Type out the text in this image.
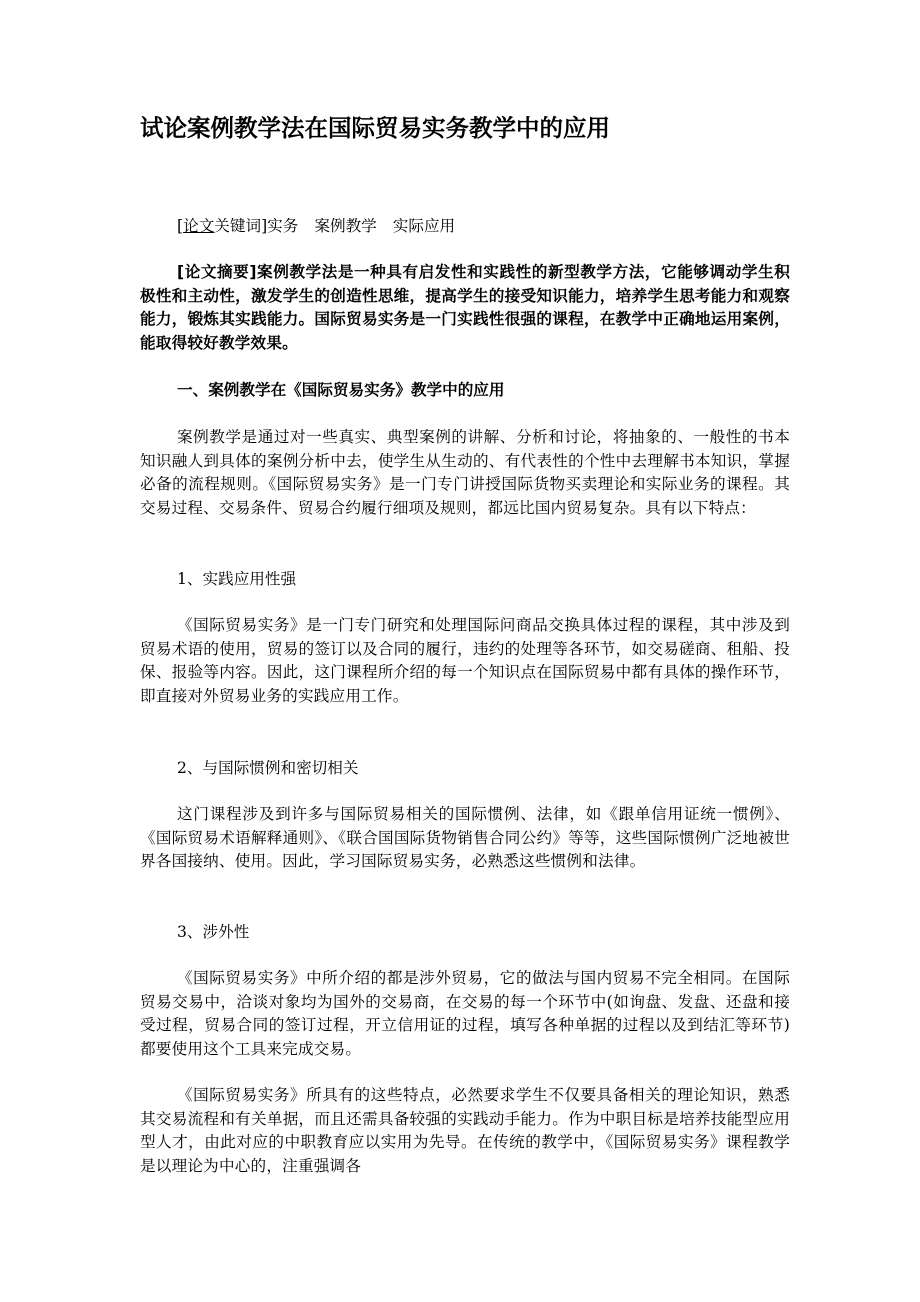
试论案例教学法在国际贸易实务教学中的应用

[论文关键词]实务 案例教学 实际应用

[论文摘要]案例教学法是一种具有启发性和实践性的新型教学方法，它能够调动学生积极性和主动性，激发学生的创造性思维，提高学生的接受知识能力，培养学生思考能力和观察能力，锻炼其实践能力。国际贸易实务是一门实践性很强的课程，在教学中正确地运用案例，能取得较好教学效果。

一、案例教学在《国际贸易实务》教学中的应用

案例教学是通过对一些真实、典型案例的讲解、分析和讨论，将抽象的、一般性的书本知识融人到具体的案例分析中去，使学生从生动的、有代表性的个性中去理解书本知识，掌握必备的流程规则。《国际贸易实务》是一门专门讲授国际货物买卖理论和实际业务的课程。其交易过程、交易条件、贸易合约履行细项及规则，都远比国内贸易复杂。具有以下特点：

1、实践应用性强

《国际贸易实务》是一门专门研究和处理国际问商品交换具体过程的课程，其中涉及到贸易术语的使用，贸易的签订以及合同的履行，违约的处理等各环节，如交易磋商、租船、投保、报验等内容。因此，这门课程所介绍的每一个知识点在国际贸易中都有具体的操作环节，即直接对外贸易业务的实践应用工作。

2、与国际惯例和密切相关

这门课程涉及到许多与国际贸易相关的国际惯例、法律，如《跟单信用证统一惯例》、《国际贸易术语解释通则》、《联合国国际货物销售合同公约》等等，这些国际惯例广泛地被世界各国接纳、使用。因此，学习国际贸易实务，必熟悉这些惯例和法律。

3、涉外性

《国际贸易实务》中所介绍的都是涉外贸易，它的做法与国内贸易不完全相同。在国际贸易交易中，洽谈对象均为国外的交易商，在交易的每一个环节中(如询盘、发盘、还盘和接受过程，贸易合同的签订过程，开立信用证的过程，填写各种单据的过程以及到结汇等环节)都要使用这个工具来完成交易。

《国际贸易实务》所具有的这些特点，必然要求学生不仅要具备相关的理论知识，熟悉其交易流程和有关单据，而且还需具备较强的实践动手能力。作为中职目标是培养技能型应用型人才，由此对应的中职教育应以实用为先导。在传统的教学中，《国际贸易实务》课程教学是以理论为中心的，注重强调各
